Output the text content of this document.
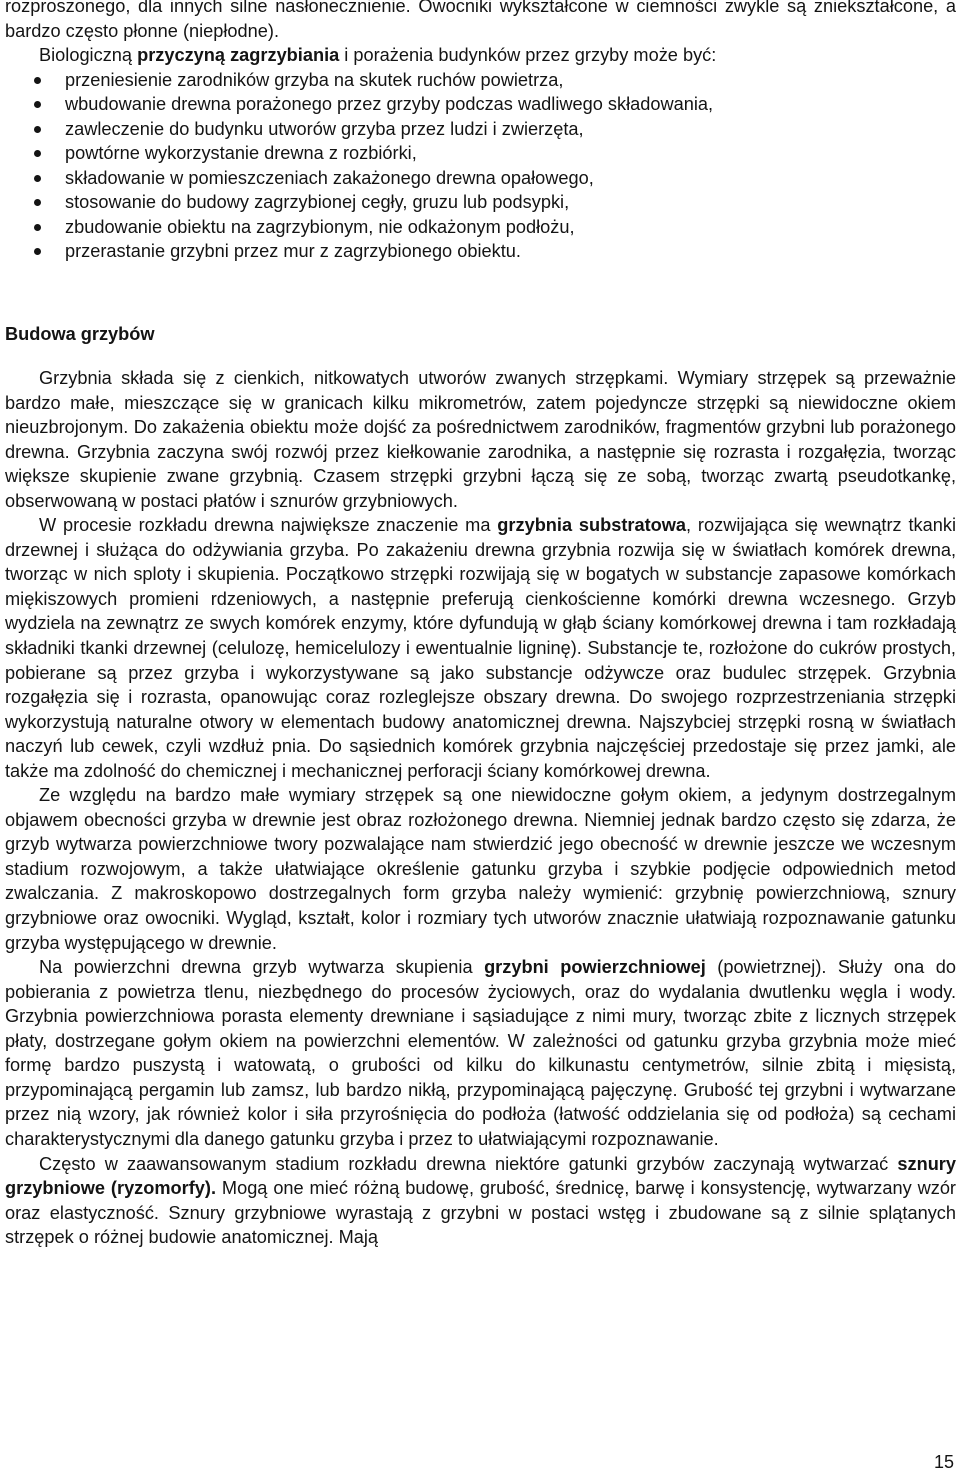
rozproszonego, dla innych silne nasłonecznienie. Owocniki wykształcone w ciemności zwykle są zniekształcone, a bardzo często płonne (niepłodne).

Biologiczną przyczyną zagrzybiania i porażenia budynków przez grzyby może być:

przeniesienie zarodników grzyba na skutek ruchów powietrza,
wbudowanie drewna porażonego przez grzyby podczas wadliwego składowania,
zawleczenie do budynku utworów grzyba przez ludzi i zwierzęta,
powtórne wykorzystanie drewna z rozbiórki,
składowanie w pomieszczeniach zakażonego drewna opałowego,
stosowanie do budowy zagrzybionej cegły, gruzu lub podsypki,
zbudowanie obiektu na zagrzybionym, nie odkażonym podłożu,
przerastanie grzybni przez mur z zagrzybionego obiektu.
Budowa grzybów

Grzybnia składa się z cienkich, nitkowatych utworów zwanych strzępkami. Wymiary strzępek są przeważnie bardzo małe, mieszczące się w granicach kilku mikrometrów, zatem pojedyncze strzępki są niewidoczne okiem nieuzbrojonym. Do zakażenia obiektu może dojść za pośrednictwem zarodników, fragmentów grzybni lub porażonego drewna. Grzybnia zaczyna swój rozwój przez kiełkowanie zarodnika, a następnie się rozrasta i rozgałęzia, tworząc większe skupienie zwane grzybnią. Czasem strzępki grzybni łączą się ze sobą, tworząc zwartą pseudotkankę, obserwowaną w postaci płatów i sznurów grzybniowych.

W procesie rozkładu drewna największe znaczenie ma grzybnia substratowa, rozwijająca się wewnątrz tkanki drzewnej i służąca do odżywiania grzyba. Po zakażeniu drewna grzybnia rozwija się w światłach komórek drewna, tworząc w nich sploty i skupienia. Początkowo strzępki rozwijają się w bogatych w substancje zapasowe komórkach miękiszowych promieni rdzeniowych, a następnie preferują cienkościenne komórki drewna wczesnego. Grzyb wydziela na zewnątrz ze swych komórek enzymy, które dyfundują w głąb ściany komórkowej drewna i tam rozkładają składniki tkanki drzewnej (celulozę, hemicelulozy i ewentualnie ligninę). Substancje te, rozłożone do cukrów prostych, pobierane są przez grzyba i wykorzystywane są jako substancje odżywcze oraz budulec strzępek. Grzybnia rozgałęzia się i rozrasta, opanowując coraz rozleglejsze obszary drewna. Do swojego rozprzestrzeniania strzępki wykorzystują naturalne otwory w elementach budowy anatomicznej drewna. Najszybciej strzępki rosną w światłach naczyń lub cewek, czyli wzdłuż pnia. Do sąsiednich komórek grzybnia najczęściej przedostaje się przez jamki, ale także ma zdolność do chemicznej i mechanicznej perforacji ściany komórkowej drewna.

Ze względu na bardzo małe wymiary strzępek są one niewidoczne gołym okiem, a jedynym dostrzegalnym objawem obecności grzyba w drewnie jest obraz rozłożonego drewna. Niemniej jednak bardzo często się zdarza, że grzyb wytwarza powierzchniowe twory pozwalające nam stwierdzić jego obecność w drewnie jeszcze we wczesnym stadium rozwojowym, a także ułatwiające określenie gatunku grzyba i szybkie podjęcie odpowiednich metod zwalczania. Z makroskopowo dostrzegalnych form grzyba należy wymienić: grzybnię powierzchniową, sznury grzybniowe oraz owocniki. Wygląd, kształt, kolor i rozmiary tych utworów znacznie ułatwiają rozpoznawanie gatunku grzyba występującego w drewnie.

Na powierzchni drewna grzyb wytwarza skupienia grzybni powierzchniowej (powietrznej). Służy ona do pobierania z powietrza tlenu, niezbędnego do procesów życiowych, oraz do wydalania dwutlenku węgla i wody. Grzybnia powierzchniowa porasta elementy drewniane i sąsiadujące z nimi mury, tworząc zbite z licznych strzępek płaty, dostrzegane gołym okiem na powierzchni elementów. W zależności od gatunku grzyba grzybnia może mieć formę bardzo puszystą i watowatą, o grubości od kilku do kilkunastu centymetrów, silnie zbitą i mięsistą, przypominającą pergamin lub zamsz, lub bardzo nikłą, przypominającą pajęczynę. Grubość tej grzybni i wytwarzane przez nią wzory, jak również kolor i siła przyrośnięcia do podłoża (łatwość oddzielania się od podłoża) są cechami charakterystycznymi dla danego gatunku grzyba i przez to ułatwiającymi rozpoznawanie.

Często w zaawansowanym stadium rozkładu drewna niektóre gatunki grzybów zaczynają wytwarzać sznury grzybniowe (ryzomorfy). Mogą one mieć różną budowę, grubość, średnicę, barwę i konsystencję, wytwarzany wzór oraz elastyczność. Sznury grzybniowe wyrastają z grzybni w postaci wstęg i zbudowane są z silnie splątanych strzępek o różnej budowie anatomicznej. Mają

15
